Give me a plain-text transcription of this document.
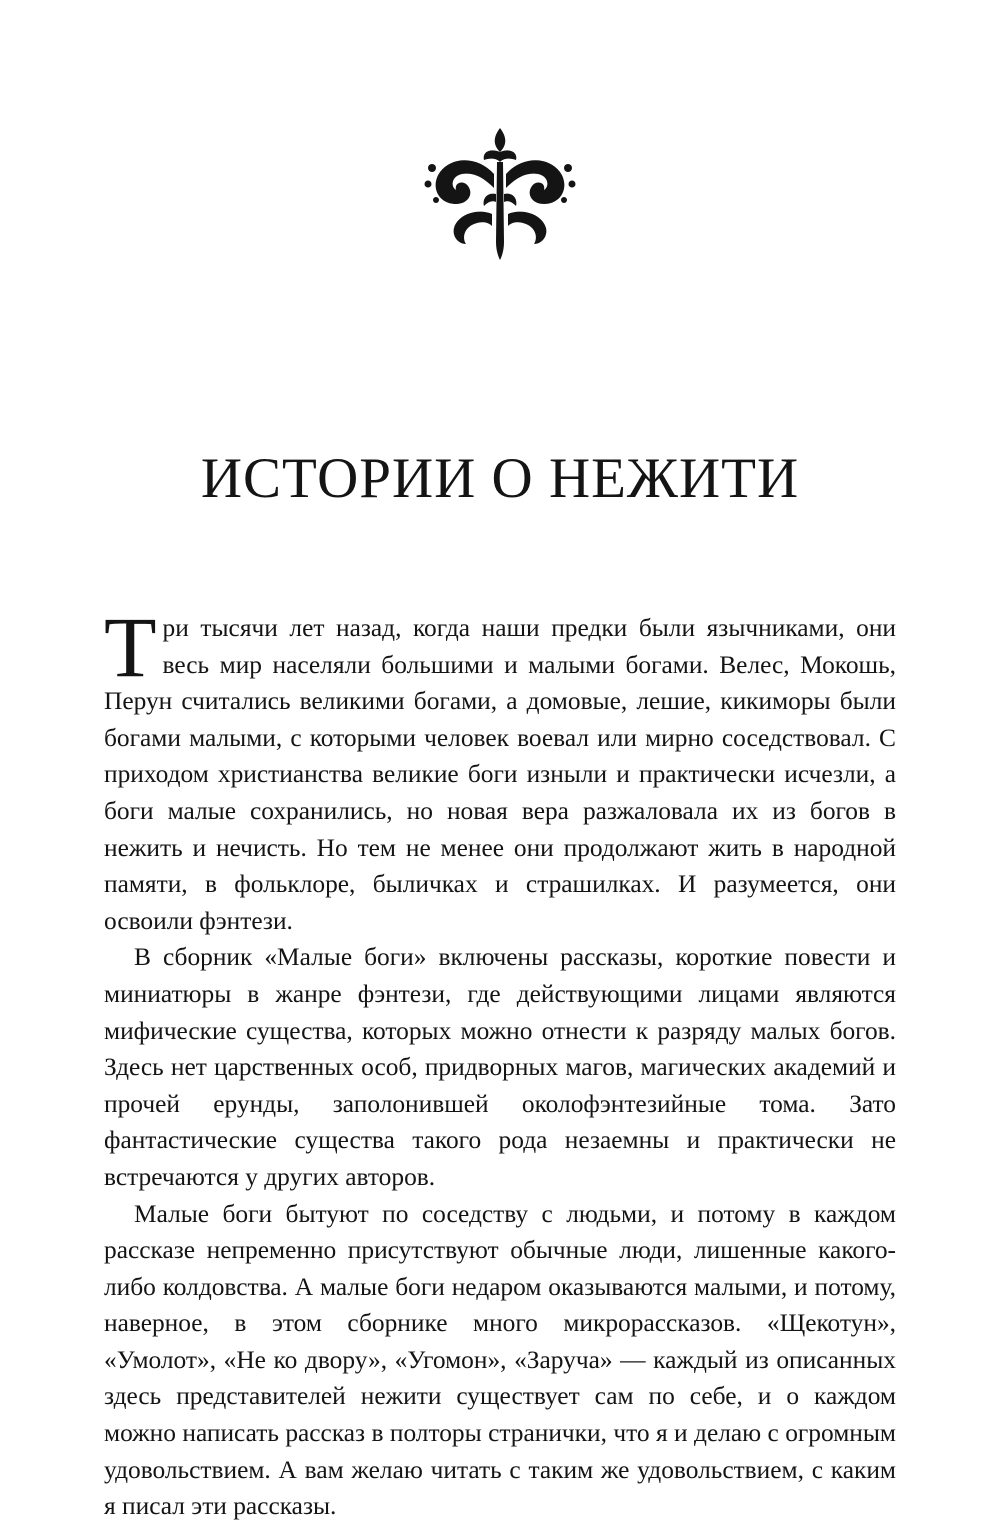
ИСТОРИИ О НЕЖИТИ

Три тысячи лет назад, когда наши предки были язычниками, они весь мир населяли большими и малыми богами. Велес, Мокошь, Перун считались великими богами, а домовые, лешие, кикиморы были богами малыми, с которыми человек воевал или мирно соседствовал. С приходом христианства великие боги изныли и практически исчезли, а боги малые сохранились, но новая вера разжаловала их из богов в нежить и нечисть. Но тем не менее они продолжают жить в народной памяти, в фольклоре, быличках и страшилках. И разумеется, они освоили фэнтези.

В сборник «Малые боги» включены рассказы, короткие повести и миниатюры в жанре фэнтези, где действующими лицами являются мифические существа, которых можно отнести к разряду малых богов. Здесь нет царственных особ, придворных магов, магических академий и прочей ерунды, заполонившей околофэнтезийные тома. Зато фантастические существа такого рода незаемны и практически не встречаются у других авторов.

Малые боги бытуют по соседству с людьми, и потому в каждом рассказе непременно присутствуют обычные люди, лишенные какого-либо колдовства. А малые боги недаром оказываются малыми, и потому, наверное, в этом сборнике много микрорассказов. «Щекотун», «Умолот», «Не ко двору», «Угомон», «Заруча» — каждый из описанных здесь представителей нежити существует сам по себе, и о каждом можно написать рассказ в полторы странички, что я и делаю с огромным удовольствием. А вам желаю читать с таким же удовольствием, с каким я писал эти рассказы.
